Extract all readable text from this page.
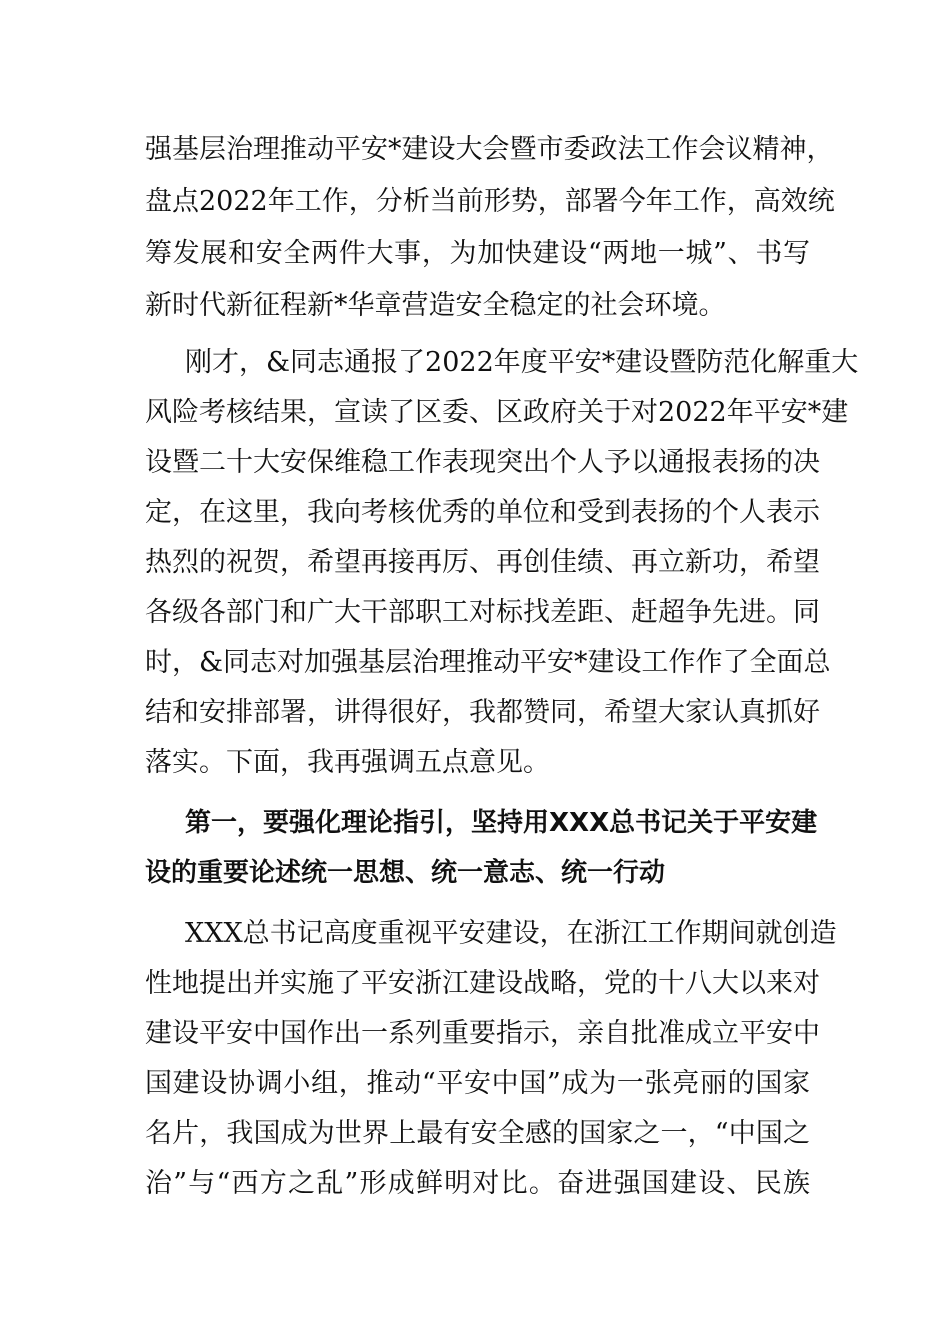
强基层治理推动平安*建设大会暨市委政法工作会议精神，
盘点2022年工作，分析当前形势，部署今年工作，高效统
筹发展和安全两件大事，为加快建设“两地一城”、书写
新时代新征程新*华章营造安全稳定的社会环境。
刚才，&同志通报了2022年度平安*建设暨防范化解重大
风险考核结果，宣读了区委、区政府关于对2022年平安*建
设暨二十大安保维稳工作表现突出个人予以通报表扬的决
定，在这里，我向考核优秀的单位和受到表扬的个人表示
热烈的祝贺，希望再接再厉、再创佳绩、再立新功，希望
各级各部门和广大干部职工对标找差距、赶超争先进。同
时，&同志对加强基层治理推动平安*建设工作作了全面总
结和安排部署，讲得很好，我都赞同，希望大家认真抓好
落实。下面，我再强调五点意见。
第一，要强化理论指引，坚持用XXX总书记关于平安建
设的重要论述统一思想、统一意志、统一行动
XXX总书记高度重视平安建设，在浙江工作期间就创造
性地提出并实施了平安浙江建设战略，党的十八大以来对
建设平安中国作出一系列重要指示，亲自批准成立平安中
国建设协调小组，推动“平安中国”成为一张亮丽的国家
名片，我国成为世界上最有安全感的国家之一，“中国之
治”与“西方之乱”形成鲜明对比。奋进强国建设、民族
